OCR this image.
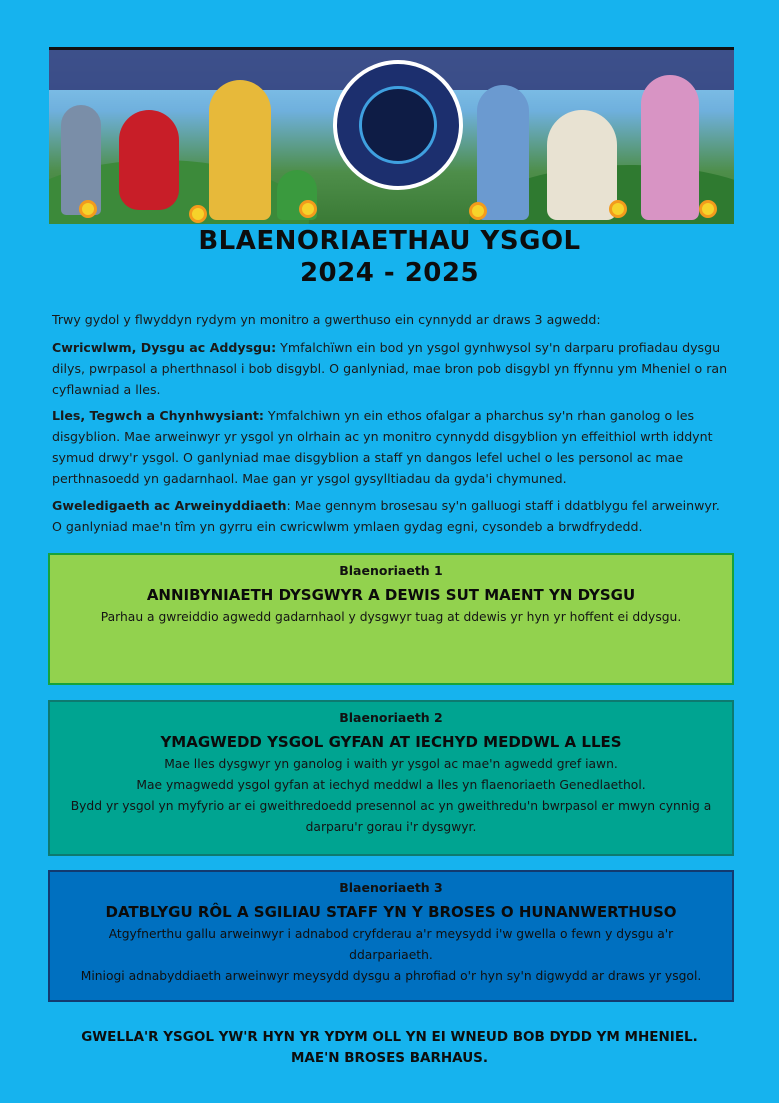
BLAENORIAETHAU YSGOL
2024 - 2025

Trwy gydol y flwyddyn rydym yn monitro a gwerthuso ein cynnydd ar draws 3 agwedd:

Cwricwlwm, Dysgu ac Addysgu: Ymfalchïwn ein bod yn ysgol gynhwysol sy'n darparu profiadau dysgu dilys, pwrpasol a pherthnasol i bob disgybl. O ganlyniad, mae bron pob disgybl yn ffynnu ym Mheniel o ran cyflawniad a lles.

Lles, Tegwch a Chynhwysiant: Ymfalchiwn yn ein ethos ofalgar a pharchus sy'n rhan ganolog o les disgyblion. Mae arweinwyr yr ysgol yn olrhain ac yn monitro cynnydd disgyblion yn effeithiol wrth iddynt symud drwy'r ysgol. O ganlyniad mae disgyblion a staff yn dangos lefel uchel o les personol ac mae perthnasoedd yn gadarnhaol. Mae gan yr ysgol gysylltiadau da gyda'i chymuned.

Gweledigaeth ac Arweinyddiaeth: Mae gennym brosesau sy'n galluogi staff i ddatblygu fel arweinwyr. O ganlyniad mae'n tîm yn gyrru ein cwricwlwm ymlaen gydag egni, cysondeb a brwdfrydedd.

Blaenoriaeth 1
ANNIBYNIAETH DYSGWYR A DEWIS SUT MAENT YN DYSGU
Parhau a gwreiddio agwedd gadarnhaol y dysgwyr tuag at ddewis yr hyn yr hoffent ei ddysgu.
Blaenoriaeth 2
YMAGWEDD YSGOL GYFAN AT IECHYD MEDDWL A LLES
Mae lles dysgwyr yn ganolog i waith yr ysgol ac mae'n agwedd gref iawn.
Mae ymagwedd ysgol gyfan at iechyd meddwl a lles yn flaenoriaeth Genedlaethol.
Bydd yr ysgol yn myfyrio ar ei gweithredoedd presennol ac yn gweithredu'n bwrpasol er mwyn cynnig a darparu'r gorau i'r dysgwyr.
Blaenoriaeth 3
DATBLYGU RÔL A SGILIAU STAFF YN Y BROSES O HUNANWERTHUSO
Atgyfnerthu gallu arweinwyr i adnabod cryfderau a'r meysydd i'w gwella o fewn y dysgu a'r ddarpariaeth.
Miniogi adnabyddiaeth arweinwyr meysydd dysgu a phrofiad o'r hyn sy'n digwydd ar draws yr ysgol.

GWELLA'R YSGOL YW'R HYN YR YDYM OLL YN EI WNEUD BOB DYDD YM MHENIEL.

MAE'N BROSES BARHAUS.
